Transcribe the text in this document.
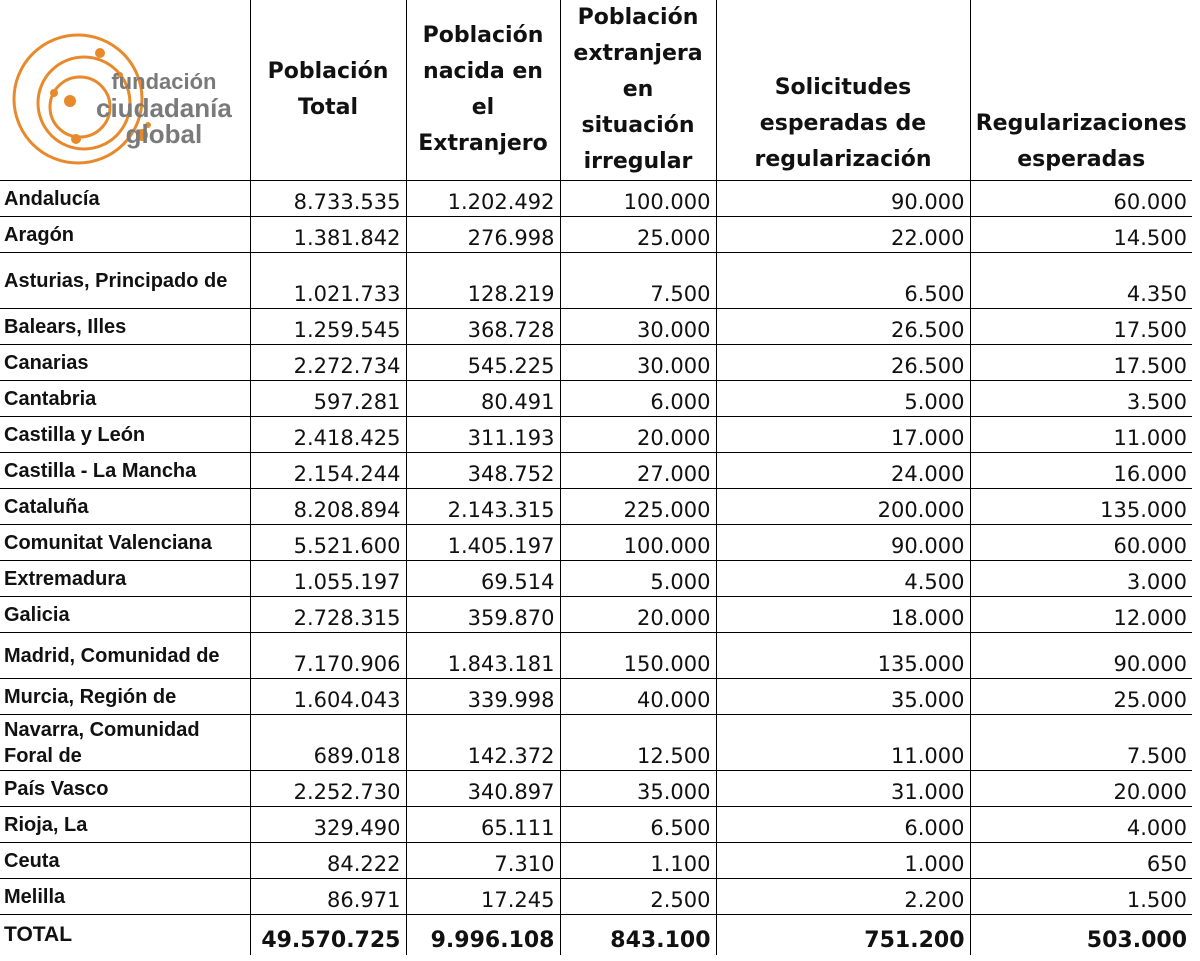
fundación
ciudadanía
global	Población Total	Población nacida en el Extranjero	Población extranjera en situación irregular	Solicitudes esperadas de regularización	Regularizaciones esperadas
Andalucía	8.733.535	1.202.492	100.000	90.000	60.000
Aragón	1.381.842	276.998	25.000	22.000	14.500
Asturias, Principado de	1.021.733	128.219	7.500	6.500	4.350
Balears, Illes	1.259.545	368.728	30.000	26.500	17.500
Canarias	2.272.734	545.225	30.000	26.500	17.500
Cantabria	597.281	80.491	6.000	5.000	3.500
Castilla y León	2.418.425	311.193	20.000	17.000	11.000
Castilla - La Mancha	2.154.244	348.752	27.000	24.000	16.000
Cataluña	8.208.894	2.143.315	225.000	200.000	135.000
Comunitat Valenciana	5.521.600	1.405.197	100.000	90.000	60.000
Extremadura	1.055.197	69.514	5.000	4.500	3.000
Galicia	2.728.315	359.870	20.000	18.000	12.000
Madrid, Comunidad de	7.170.906	1.843.181	150.000	135.000	90.000
Murcia, Región de	1.604.043	339.998	40.000	35.000	25.000
Navarra, Comunidad Foral de	689.018	142.372	12.500	11.000	7.500
País Vasco	2.252.730	340.897	35.000	31.000	20.000
Rioja, La	329.490	65.111	6.500	6.000	4.000
Ceuta	84.222	7.310	1.100	1.000	650
Melilla	86.971	17.245	2.500	2.200	1.500
TOTAL	49.570.725	9.996.108	843.100	751.200	503.000
